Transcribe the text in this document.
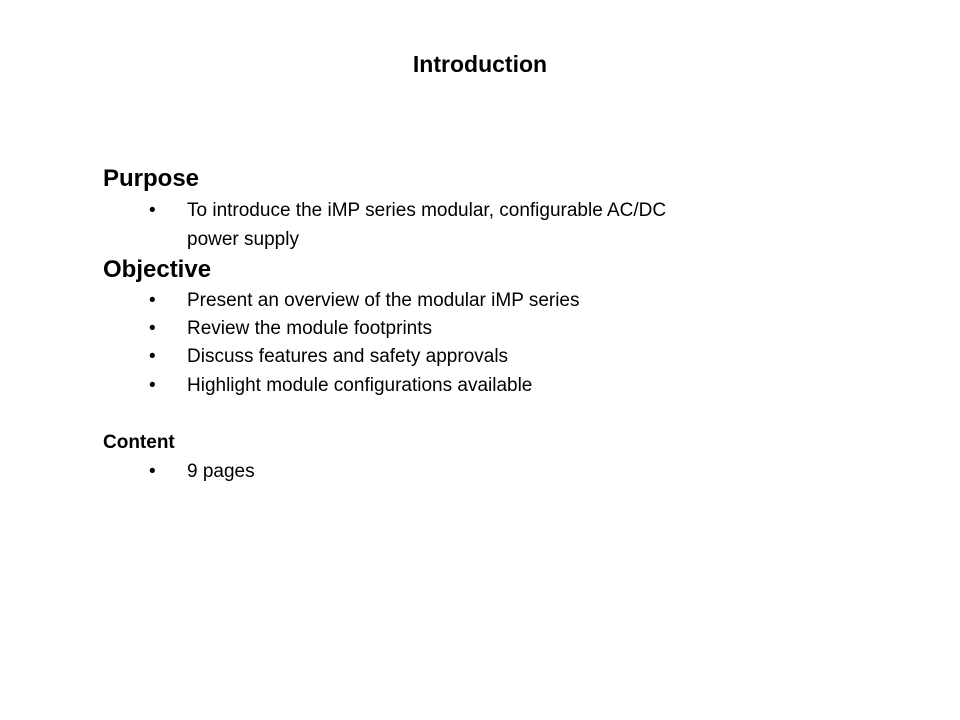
Introduction
Purpose
• To introduce the iMP series modular, configurable AC/DC
power supply
Objective
• Present an overview of the modular iMP series
• Review the module footprints
• Discuss features and safety approvals
• Highlight module configurations available
Content
• 9 pages
